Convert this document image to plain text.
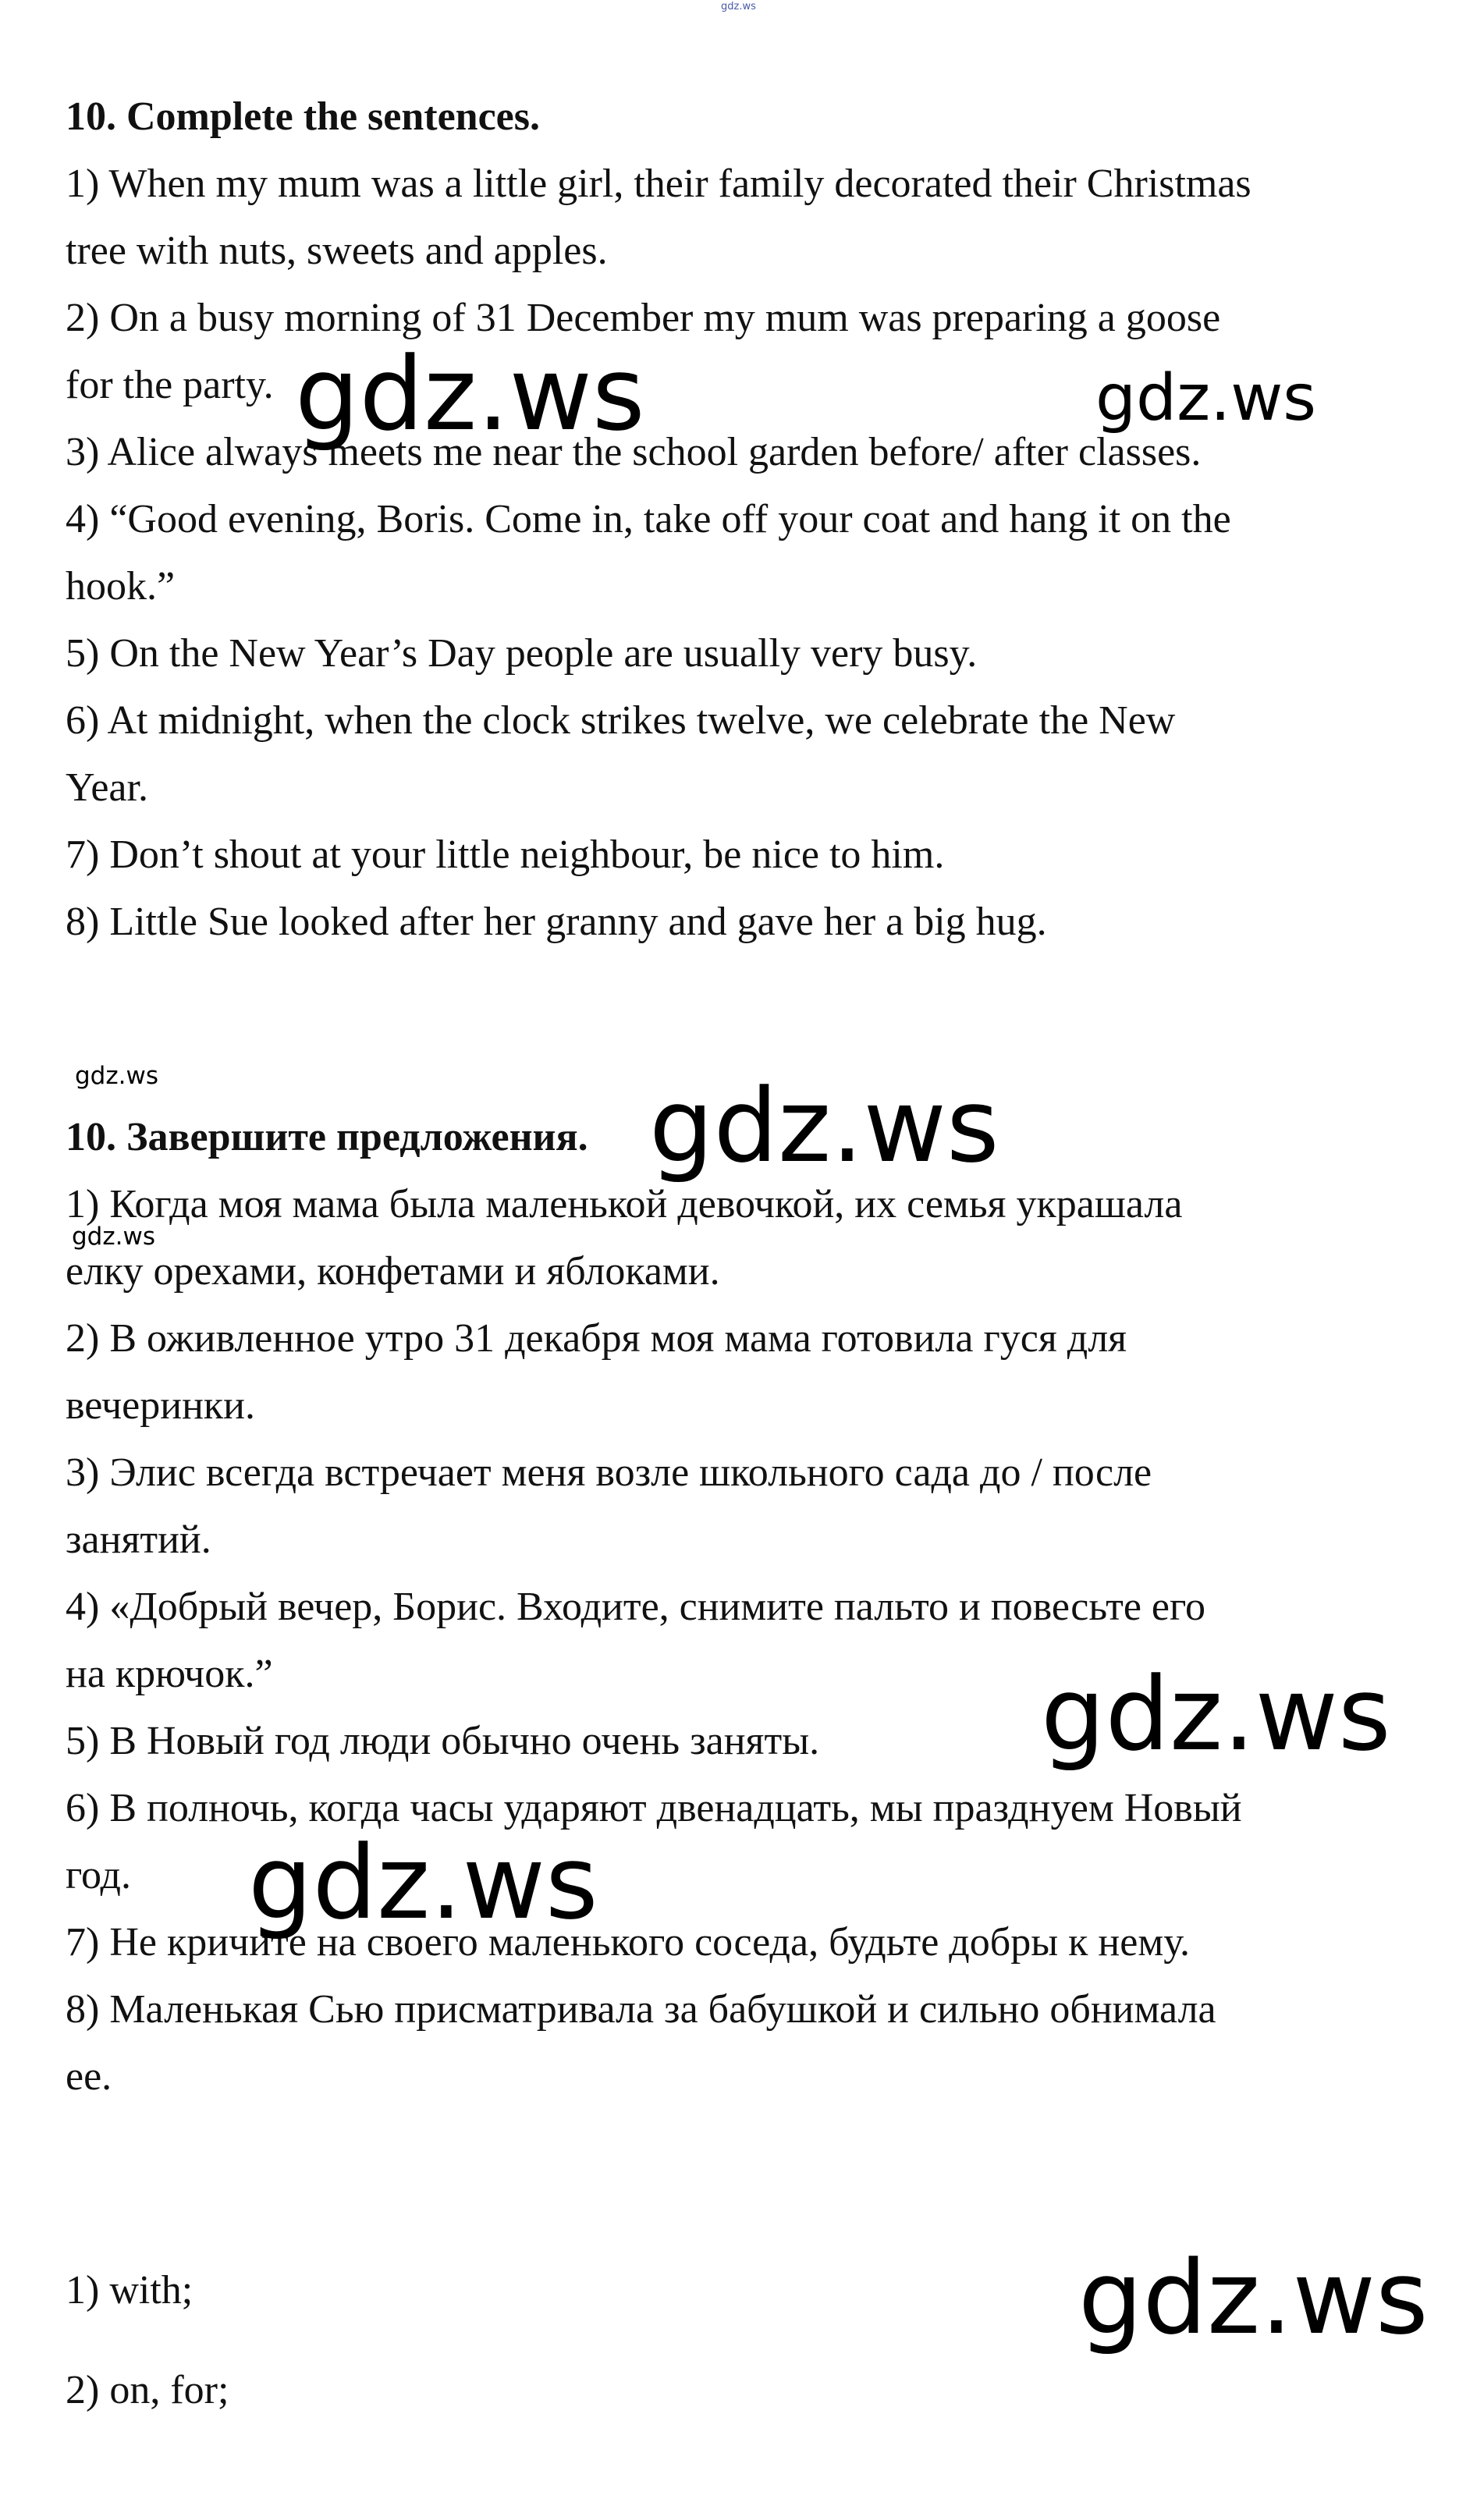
gdz.ws
10. Complete the sentences.
1) When my mum was a little girl, their family decorated their Christmas
tree with nuts, sweets and apples.
2) On a busy morning of 31 December my mum was preparing a goose
for the party.
3) Alice always meets me near the school garden before/ after classes.
4) “Good evening, Boris. Come in, take off your coat and hang it on the
hook.”
5) On the New Year’s Day people are usually very busy.
6) At midnight, when the clock strikes twelve, we celebrate the New
Year.
7) Don’t shout at your little neighbour, be nice to him.
8) Little Sue looked after her granny and gave her a big hug.
gdz.ws
10. Завершите предложения.
1) Когда моя мама была маленькой девочкой, их семья украшала
gdz.ws
елку орехами, конфетами и яблоками.
2) В оживленное утро 31 декабря моя мама готовила гуся для
вечеринки.
3) Элис всегда встречает меня возле школьного сада до / после
занятий.
4) «Добрый вечер, Борис. Входите, снимите пальто и повесьте его
на крючок.”
5) В Новый год люди обычно очень заняты.
6) В полночь, когда часы ударяют двенадцать, мы празднуем Новый
год.
7) Не кричите на своего маленького соседа, будьте добры к нему.
8) Маленькая Сью присматривала за бабушкой и сильно обнимала
ее.
1) with;
2) on, for;
gdz.ws	gdz.ws
gdz.ws
gdz.ws
gdz.ws
gdz.ws
